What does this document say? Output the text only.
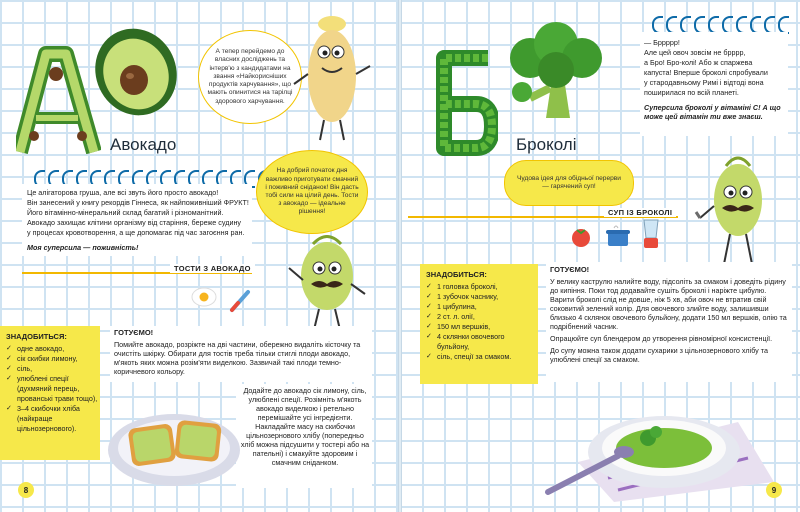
Авокадо
А тепер перейдемо до власних досліджень та інтерв'ю з кандидатами на звання «Найкорисніших продуктів харчування», що мають опинитися на тарілці здорового харчування.

Це алігаторова груша, але всі звуть його просто авокадо!

Він занесений у книгу рекордів Гіннеса, як найпоживніший ФРУКТ!

Його вітамінно-мінеральний склад багатий і різноманітний.

Авокадо захищає клітини організму від старіння, береже судину

у процесах кровотворення, а ще допомагає під час загоєння ран.

Моя суперсила — поживність!

На добрий початок дня важливо приготувати смачний і поживний сніданок! Він дасть тобі сили на цілий день. Тости з авокадо — ідеальне рішення!
ТОСТИ З АВОКАДО
ЗНАДОБИТЬСЯ:
✓ одне авокадо,
✓ сік скибки лимону,
✓ сіль,
✓ улюблені спеції (духмяний перець, прованські трави тощо),
✓ 3–4 скибочки хліба (найкраще цільнозернового).

ГОТУЄМО!

Помийте авокадо, розріжте на дві частини, обережно видаліть кісточку та очистіть шкірку. Обирати для тостів треба тільки стиглі плоди авокадо, м'якоть яких можна розім'яти виделкою. Зазвичай такі плоди темно-коричневого кольору.

Додайте до авокадо сік лимону, сіль, улюблені спеції. Розімніть м'якоть авокадо виделкою і ретельно перемішайте усі інгредієнти. Накладайте масу на скибочки цільнозернового хлібу (попередньо хліб можна підсушити у тостері або на пательні) і смакуйте здоровим і смачним сніданком.

8
Броколі

— Бррррр!

Але цей овоч зовсім не брррр,

а Бро! Бро-колі! Або ж спаржева

капуста! Вперше броколі спробували

у стародавньому Римі і відтоді вона

поширилася по всій планеті.

Суперсила броколі у вітаміні С! А що може цей вітамін ти вже знаєш.

Чудова ідея для обідньої перерви — гарячений суп!
СУП ІЗ БРОКОЛІ
ЗНАДОБИТЬСЯ:
✓ 1 головка броколі,
✓ 1 зубочок часнику,
✓ 1 цибулина,
✓ 2 ст. л. олії,
✓ 150 мл вершків,
✓ 4 склянки овочевого бульйону,
✓ сіль, спеції за смаком.

ГОТУЄМО!

У велику каструлю налийте воду, підсоліть за смаком і доведіть рідину до кипіння. Поки тод додавайте сушіть броколі і наріжте цибулю. Варити броколі слід не довше, ніж 5 хв, аби овоч не втратив свій соковитий зелений колір. Для овочевого злийте воду, залишивши близько 4 склянок овочевого бульйону, додати 150 мл вершків, олію та подрібнений часник.

Опрацюйте суп блендером до утворення рівномірної консистенції.

До супу можна також додати сухарики з цільнозернового хлібу та улюблені спеції за смаком.

9
